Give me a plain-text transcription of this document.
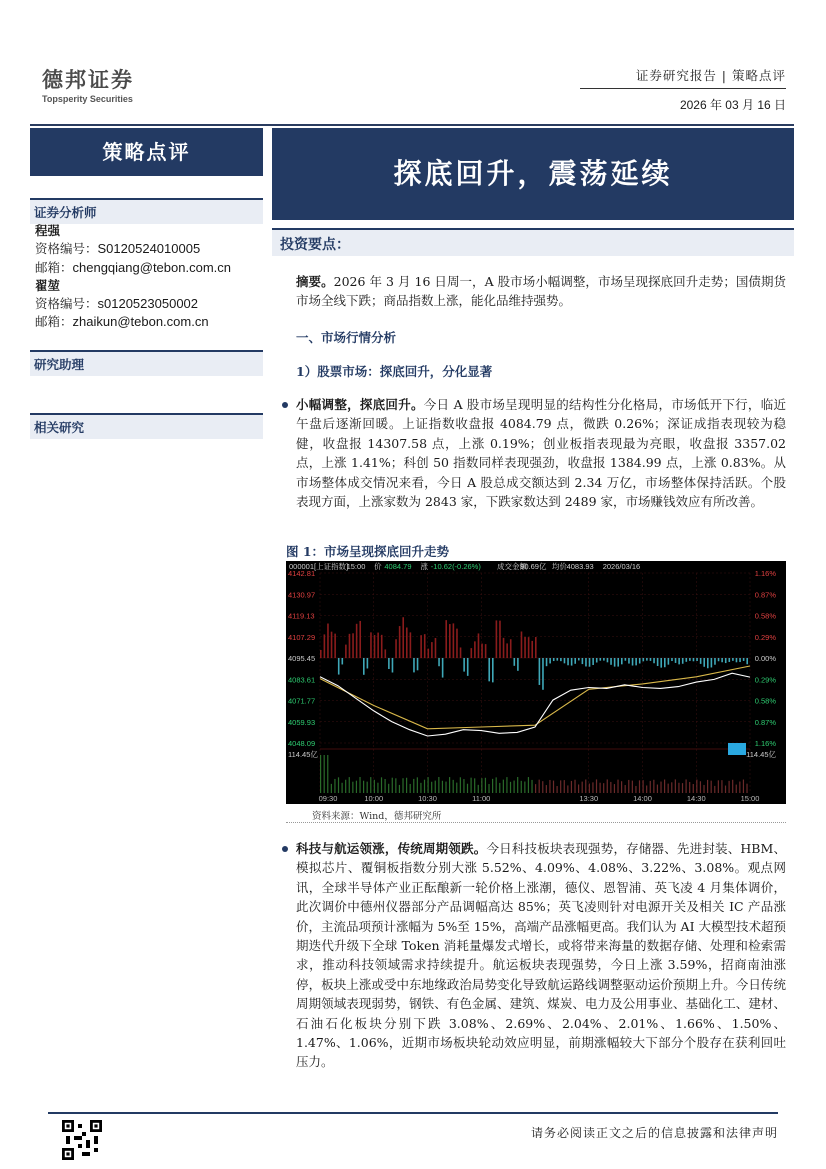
德邦证券
Topsperity Securities
证券研究报告 | 策略点评
2026 年 03 月 16 日
策略点评
探底回升，震荡延续
证券分析师
程强
资格编号：S0120524010005
邮箱：chengqiang@tebon.com.cn
翟堃
资格编号：s0120523050002
邮箱：zhaikun@tebon.com.cn
研究助理
相关研究
投资要点：
摘要。2026 年 3 月 16 日周一，A 股市场小幅调整，市场呈现探底回升走势；国债期货市场全线下跌；商品指数上涨，能化品维持强势。
一、市场行情分析
1）股票市场：探底回升，分化显著
小幅调整，探底回升。今日 A 股市场呈现明显的结构性分化格局，市场低开下行，临近午盘后逐渐回暖。上证指数收盘报 4084.79 点，微跌 0.26%；深证成指表现较为稳健，收盘报 14307.58 点，上涨 0.19%；创业板指表现最为亮眼，收盘报 3357.02 点，上涨 1.41%；科创 50 指数同样表现强劲，收盘报 1384.99 点，上涨 0.83%。从市场整体成交情况来看，今日 A 股总成交额达到 2.34 万亿，市场整体保持活跃。个股表现方面，上涨家数为 2843 家，下跌家数达到 2489 家，市场赚钱效应有所改善。
图 1：市场呈现探底回升走势
000001[上证指数]
15:00 价 4084.79 涨 -10.62(-0.26%) 成交金额
90.69亿 均价 4083.93 2026/03/16
4142.81
4130.97
4119.13
4107.29
4095.45
4083.61
4071.77
4059.93
4048.09
1.16%
0.87%
0.58%
0.29%
0.00%
0.29%
0.58%
0.87%
1.16%
09:30	10:00	10:30	11:00	13:30	14:00	14:30	15:00
114.45亿	114.45亿
资料来源：Wind，德邦研究所
科技与航运领涨，传统周期领跌。今日科技板块表现强势，存储器、先进封装、HBM、模拟芯片、覆铜板指数分别大涨 5.52%、4.09%、4.08%、3.22%、3.08%。观点网讯，全球半导体产业正酝酿新一轮价格上涨潮，德仪、恩智浦、英飞凌 4 月集体调价，此次调价中德州仪器部分产品调幅高达 85%；英飞凌则针对电源开关及相关 IC 产品涨价，主流品项预计涨幅为 5%至 15%，高端产品涨幅更高。我们认为 AI 大模型技术超预期迭代升级下全球 Token 消耗量爆发式增长，或将带来海量的数据存储、处理和检索需求，推动科技领域需求持续提升。航运板块表现强势，今日上涨 3.59%，招商南油涨停，板块上涨或受中东地缘政治局势变化导致航运路线调整驱动运价预期上升。今日传统周期领域表现弱势，钢铁、有色金属、建筑、煤炭、电力及公用事业、基础化工、建材、石油石化板块分别下跌 3.08%、2.69%、2.04%、2.01%、1.66%、1.50%、1.47%、1.06%，近期市场板块轮动效应明显，前期涨幅较大下部分个股存在获利回吐压力。
请务必阅读正文之后的信息披露和法律声明
